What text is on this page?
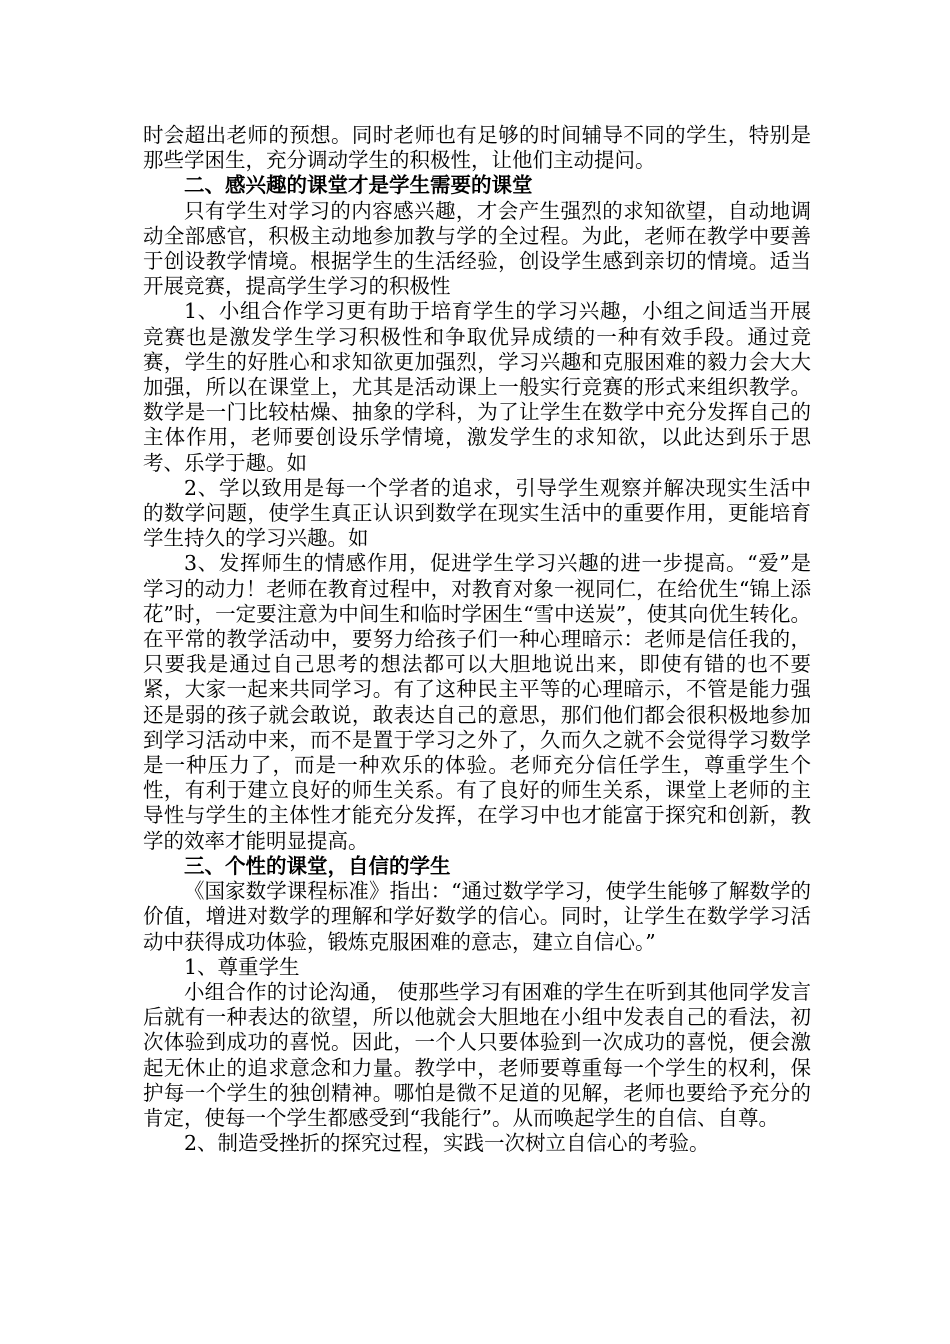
时会超出老师的预想。同时老师也有足够的时间辅导不同的学生，特别是那些学困生，充分调动学生的积极性，让他们主动提问。

二、感兴趣的课堂才是学生需要的课堂

只有学生对学习的内容感兴趣，才会产生强烈的求知欲望，自动地调动全部感官，积极主动地参加教与学的全过程。为此，老师在教学中要善于创设教学情境。根据学生的生活经验，创设学生感到亲切的情境。适当开展竞赛，提高学生学习的积极性

1、小组合作学习更有助于培育学生的学习兴趣，小组之间适当开展竞赛也是激发学生学习积极性和争取优异成绩的一种有效手段。通过竞赛，学生的好胜心和求知欲更加强烈，学习兴趣和克服困难的毅力会大大加强，所以在课堂上，尤其是活动课上一般实行竞赛的形式来组织教学。数学是一门比较枯燥、抽象的学科，为了让学生在数学中充分发挥自己的主体作用，老师要创设乐学情境，激发学生的求知欲，以此达到乐于思考、乐学于趣。如

2、学以致用是每一个学者的追求，引导学生观察并解决现实生活中的数学问题，使学生真正认识到数学在现实生活中的重要作用，更能培育学生持久的学习兴趣。如

3、发挥师生的情感作用，促进学生学习兴趣的进一步提高。“爱”是学习的动力！老师在教育过程中，对教育对象一视同仁，在给优生“锦上添花”时，一定要注意为中间生和临时学困生“雪中送炭”，使其向优生转化。在平常的教学活动中，要努力给孩子们一种心理暗示：老师是信任我的，只要我是通过自己思考的想法都可以大胆地说出来，即使有错的也不要紧，大家一起来共同学习。有了这种民主平等的心理暗示，不管是能力强还是弱的孩子就会敢说，敢表达自己的意思，那们他们都会很积极地参加到学习活动中来，而不是置于学习之外了，久而久之就不会觉得学习数学是一种压力了，而是一种欢乐的体验。老师充分信任学生，尊重学生个性，有利于建立良好的师生关系。有了良好的师生关系，课堂上老师的主导性与学生的主体性才能充分发挥，在学习中也才能富于探究和创新，教学的效率才能明显提高。

三、个性的课堂，自信的学生

《国家数学课程标准》指出：“通过数学学习，使学生能够了解数学的价值，增进对数学的理解和学好数学的信心。同时，让学生在数学学习活动中获得成功体验，锻炼克服困难的意志，建立自信心。”

1、尊重学生

小组合作的讨论沟通， 使那些学习有困难的学生在听到其他同学发言后就有一种表达的欲望，所以他就会大胆地在小组中发表自己的看法，初次体验到成功的喜悦。因此，一个人只要体验到一次成功的喜悦，便会激起无休止的追求意念和力量。教学中，老师要尊重每一个学生的权利，保护每一个学生的独创精神。哪怕是微不足道的见解，老师也要给予充分的肯定，使每一个学生都感受到“我能行”。从而唤起学生的自信、自尊。

2、制造受挫折的探究过程，实践一次树立自信心的考验。
